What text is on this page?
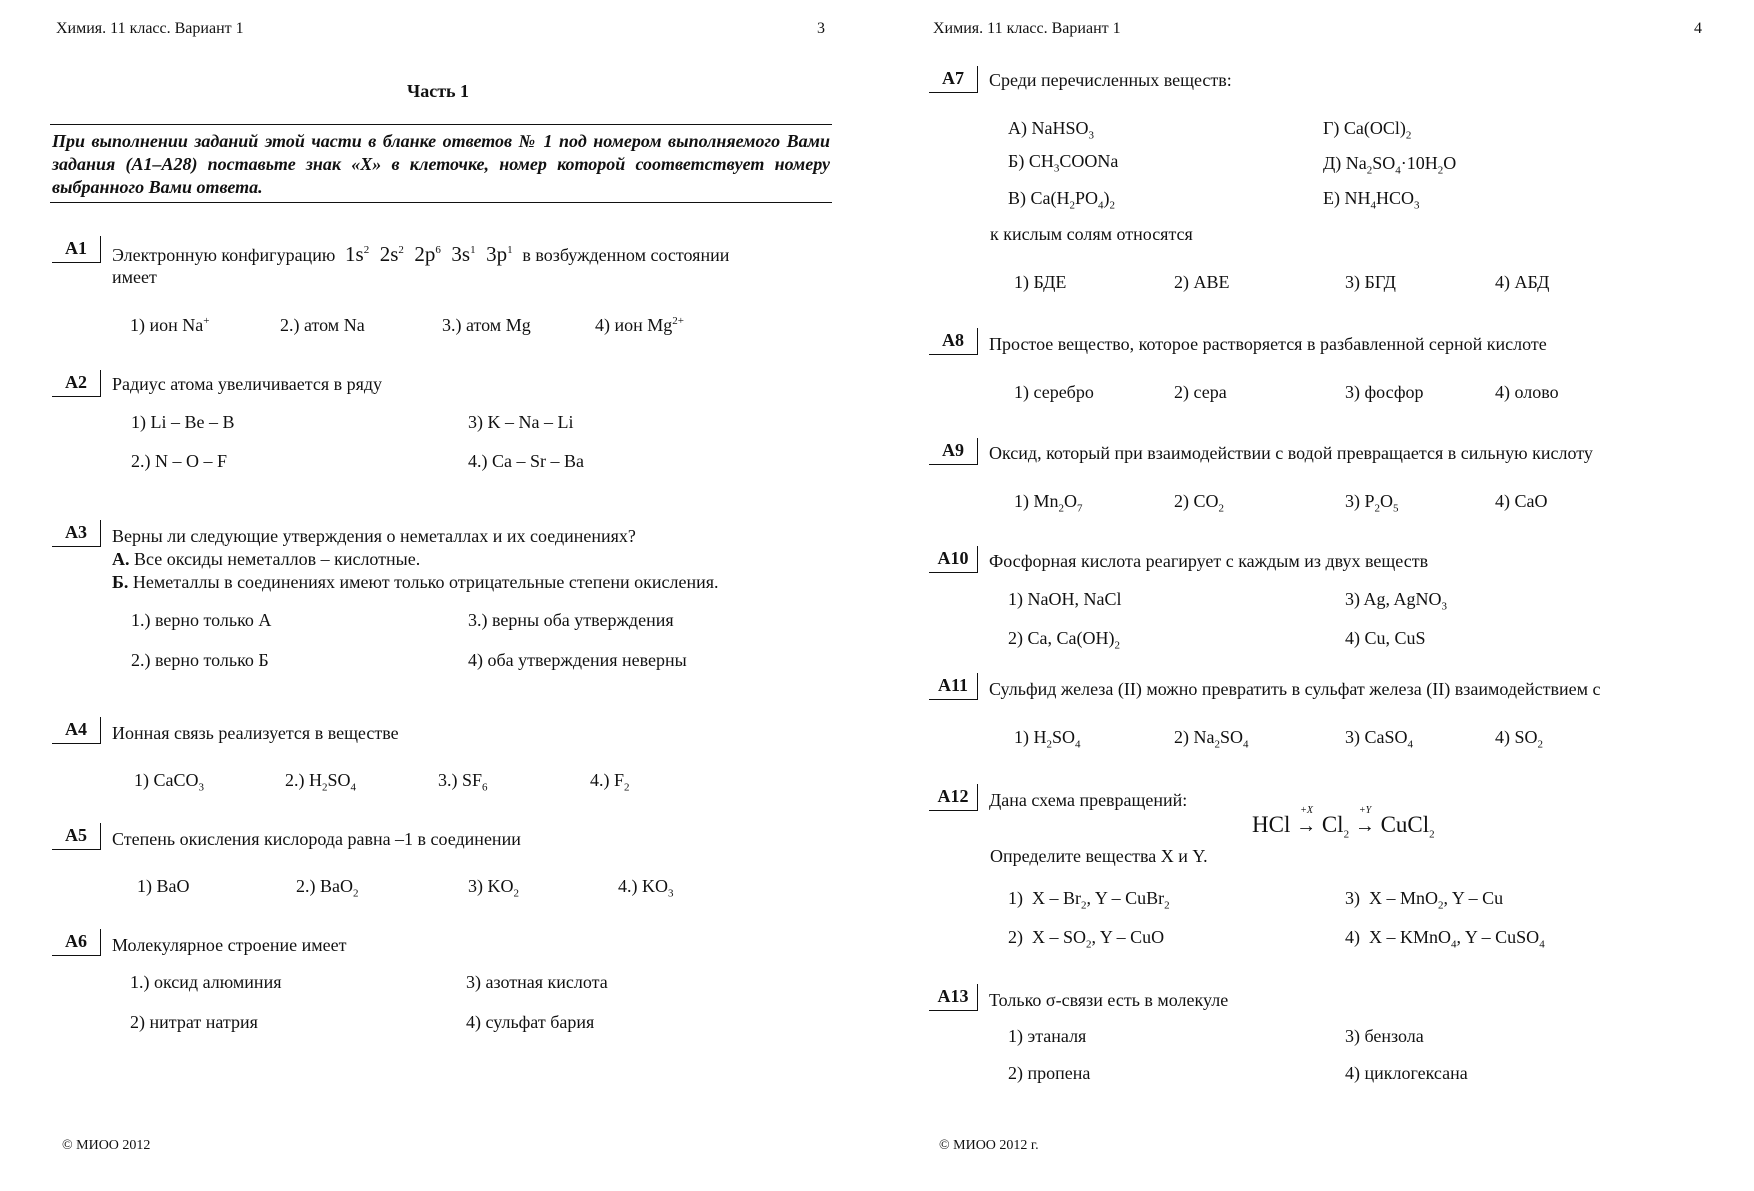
Химия. 11 класс. Вариант 1	3
Часть 1
При выполнении заданий этой части в бланке ответов № 1 под номером выполняемого Вами задания (А1–А28) поставьте знак «Х» в клеточке, номер которой соответствует номеру выбранного Вами ответа.
А1	Электронную конфигурацию  $1s^2$  $2s^2$  $2p^6$  $3s^1$  $3p^1$ в возбужденном состоянии
имеет
1) ион Na+	2.) атом Na	3.) атом Mg	4) ион $Mg^{2+}$
А2	Радиус атома увеличивается в ряду
1) Li – Be – B	3) K – Na – Li
2.) N – O – F	4.) Ca – Sr – Ba
А3	Верны ли следующие утверждения о неметаллах и их соединениях?
А. Все оксиды неметаллов – кислотные.
Б. Неметаллы в соединениях имеют только отрицательные степени окисления.
1.) верно только А	3.) верны оба утверждения
2.) верно только Б	4) оба утверждения неверны
А4	Ионная связь реализуется в веществе
1) CaCO$_3$	2.) $H_2SO_4$	3.) $SF_6$	4.) $F_2$
А5	Степень окисления кислорода равна –1 в соединении
1) BaO	2.) BaO$_2$	3) $KO_2$	4.) $KO_3$
А6	Молекулярное строение имеет
1.) оксид алюминия	3) азотная кислота
2) нитрат натрия	4) сульфат бария
© МИОО 2012
Химия. 11 класс. Вариант 1	4
А7	Среди перечисленных веществ:
А) NaHSO$_3$	Г) $Ca(OCl)_2$
Б) $CH_3COONa$	Д) $Na_2SO_4\cdot 10H_2O$
В) $Ca(H_2PO_4)_2$	Е) $NH_4HCO_3$
к кислым солям относятся
1) БДЕ	2) АВЕ	3) БГД	4) АБД
А8	Простое вещество, которое растворяется в разбавленной серной кислоте
1) серебро	2) сера	3) фосфор	4) олово
А9	Оксид, который при взаимодействии с водой превращается в сильную кислоту
1) $Mn_2O_7$	2) $CO_2$	3) $P_2O_5$	4) CaO
А10	Фосфорная кислота реагирует с каждым из двух веществ
1) NaOH, NaCl	3) Ag, AgNO$_3$
2) Ca, $Ca(OH)_2$	4) Cu, CuS
А11	Сульфид железа (II) можно превратить в сульфат железа (II) взаимодействием с
1) $H_2SO_4$	2) $Na_2SO_4$	3) CaSO$_4$	4) $SO_2$
А12	Дана схема превращений:
HCl →
+X
$Cl_2$ →
+Y
CuCl$_2$
Определите вещества X и Y.
1)  X – $Br_2$, Y – CuBr$_2$	3)  X – MnO$_2$, Y – Cu
2)  X – $SO_2$, Y – CuO	4)  X – KMnO$_4$, Y – CuSO$_4$
А13	Только σ-связи есть в молекуле
1) этаналя	3) бензола
2) пропена	4) циклогексана
© МИОО 2012 г.
